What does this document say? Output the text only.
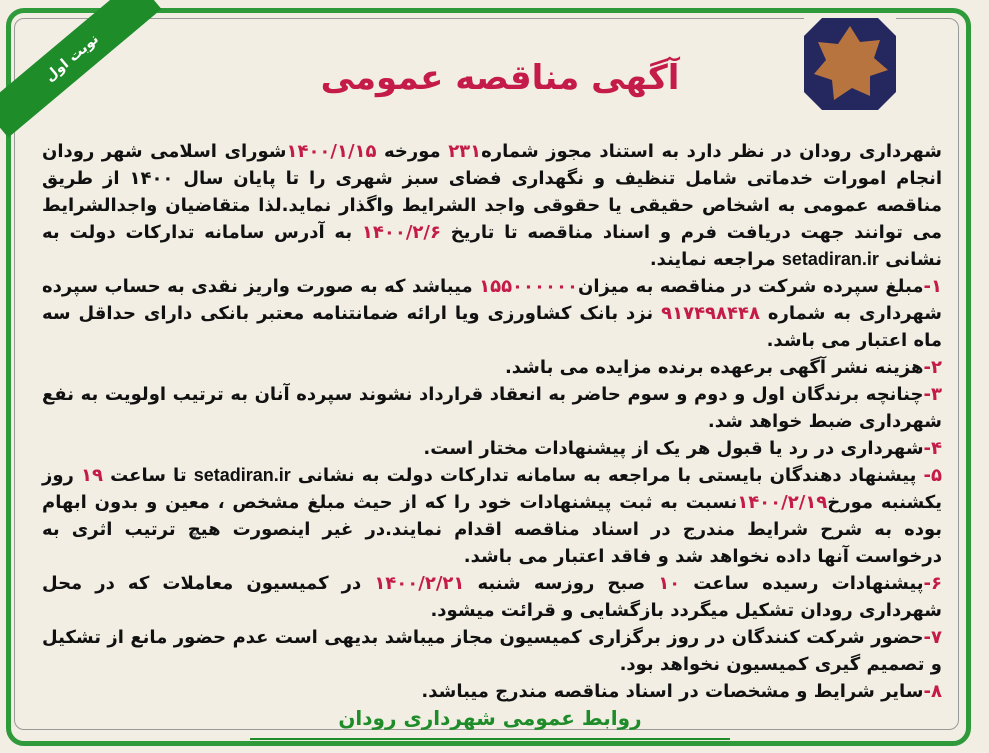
نوبت اول	آگهی مناقصه عمومی

شهرداری رودان در نظر دارد به استناد مجوز شماره۲۳۱ مورخه ۱۴۰۰/۱/۱۵شورای اسلامی شهر رودان انجام امورات خدماتی شامل تنظیف و نگهداری فضای سبز شهری را تا پایان سال ۱۴۰۰ از طریق مناقصه عمومی به اشخاص حقیقی یا حقوقی واجد الشرایط واگذار نماید.لذا متقاضیان واجدالشرایط می توانند جهت دریافت فرم و اسناد مناقصه تا تاریخ ۱۴۰۰/۲/۶ به آدرس سامانه تدارکات دولت به نشانی setadiran.ir مراجعه نمایند.

۱-مبلغ سپرده شرکت در مناقصه به میزان۱۵۵۰۰۰۰۰۰ میباشد که به صورت واریز نقدی به حساب سپرده شهرداری به شماره ۹۱۷۴۹۸۴۴۸ نزد بانک کشاورزی ویا ارائه ضمانتنامه معتبر بانکی دارای حداقل سه ماه اعتبار می باشد.

۲-هزینه نشر آگهی برعهده برنده مزایده می باشد.

۳-چنانچه برندگان اول و دوم و سوم حاضر به انعقاد قرارداد نشوند سپرده آنان به ترتیب اولویت به نفع شهرداری ضبط خواهد شد.

۴-شهرداری در رد یا قبول هر یک از پیشنهادات مختار است.

۵- پیشنهاد دهندگان بایستی با مراجعه به سامانه تدارکات دولت به نشانی setadiran.ir تا ساعت ۱۹ روز یکشنبه مورخ۱۴۰۰/۲/۱۹نسبت به ثبت پیشنهادات خود را که از حیث مبلغ مشخص ، معین و بدون ابهام بوده به شرح شرایط مندرج در اسناد مناقصه اقدام نمایند.در غیر اینصورت هیچ ترتیب اثری به درخواست آنها داده نخواهد شد و فاقد اعتبار می باشد.

۶-پیشنهادات رسیده ساعت ۱۰ صبح روزسه شنبه ۱۴۰۰/۲/۲۱ در کمیسیون معاملات که در محل شهرداری رودان تشکیل میگردد بازگشایی و قرائت میشود.

۷-حضور شرکت کنندگان در روز برگزاری کمیسیون مجاز میباشد بدیهی است عدم حضور مانع از تشکیل و تصمیم گیری کمیسیون نخواهد بود.

۸-سایر شرایط و مشخصات در اسناد مناقصه مندرج میباشد.

روابط عمومی شهرداری رودان
